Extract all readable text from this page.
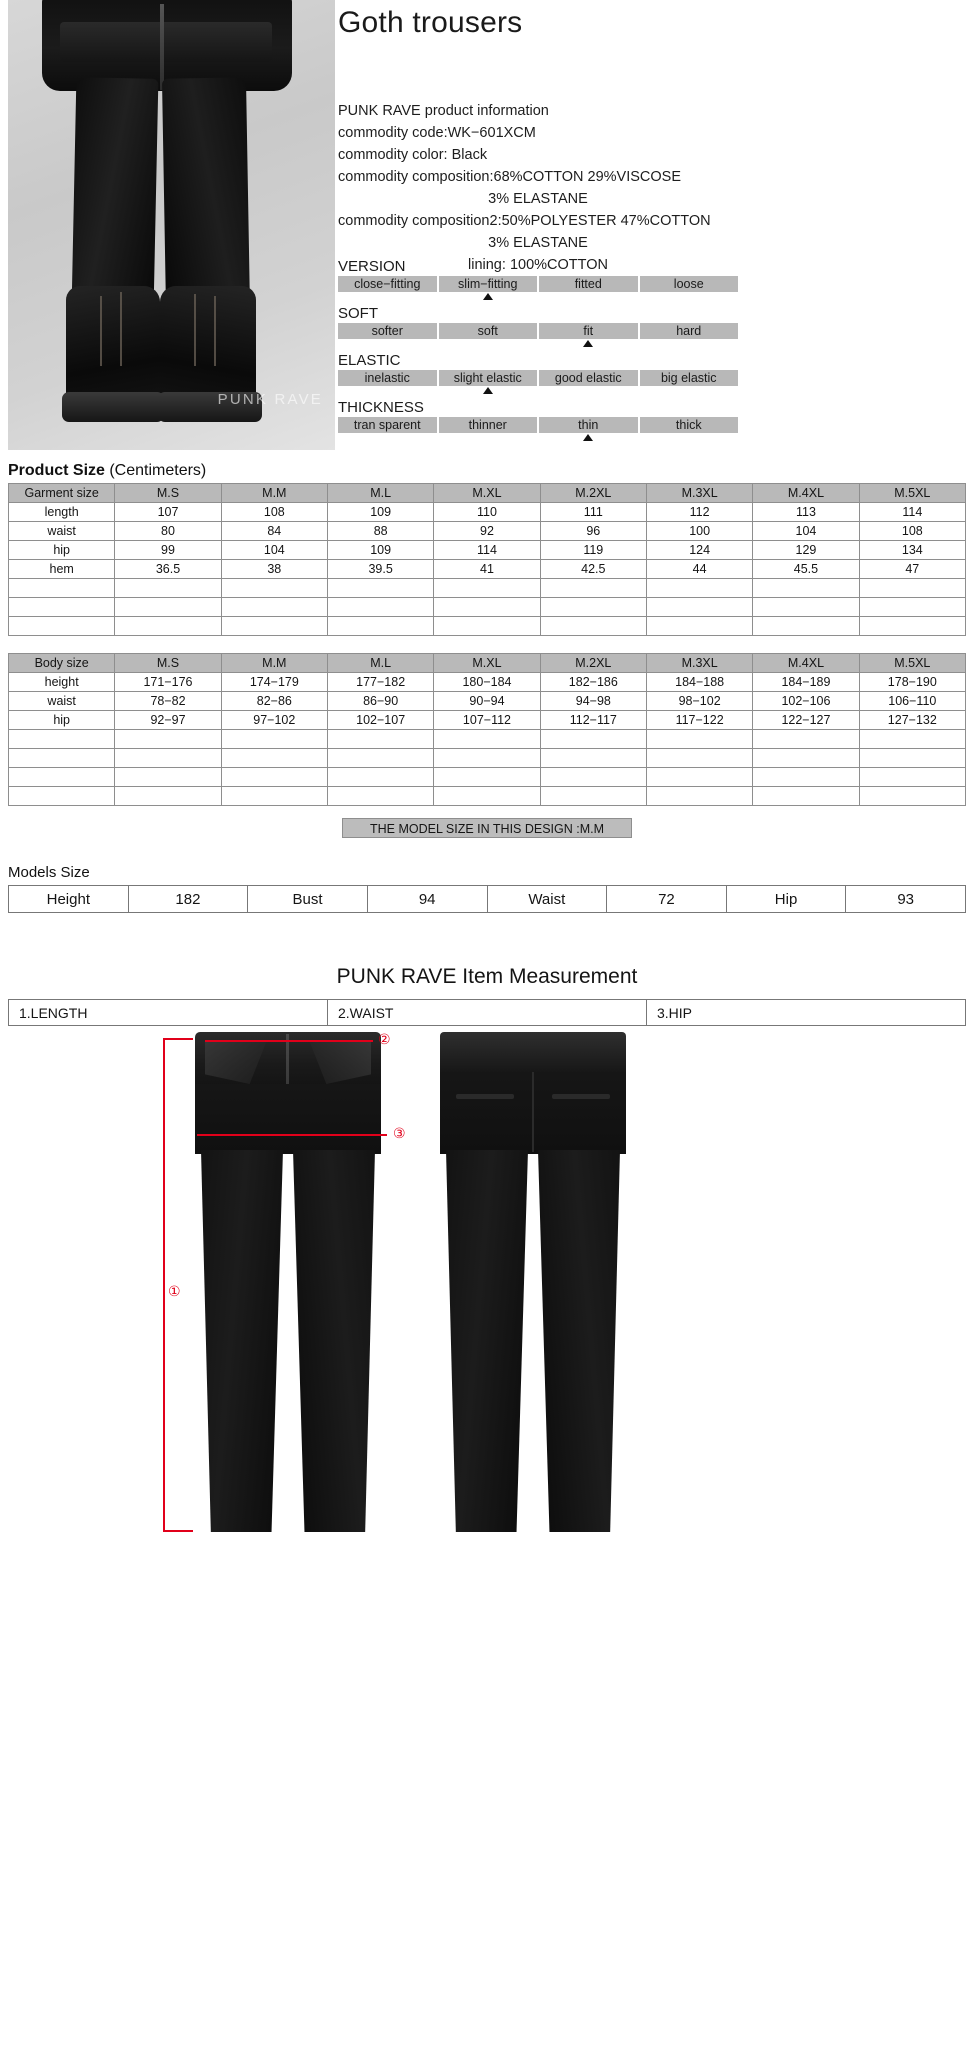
PUNK RAVE
Goth trousers
PUNK RAVE product information
commodity code:WK−601XCM
commodity color: Black
commodity composition:68%COTTON 29%VISCOSE
3% ELASTANE
commodity composition2:50%POLYESTER 47%COTTON
3% ELASTANE
lining: 100%COTTON
VERSION
close−fitting	slim−fitting	fitted	loose
SOFT
softer	soft	fit	hard
ELASTIC
inelastic	slight elastic	good elastic	big elastic
THICKNESS
tran sparent	thinner	thin	thick
Product Size (Centimeters)
Garment size	M.S	M.M	M.L	M.XL	M.2XL	M.3XL	M.4XL	M.5XL
length	107	108	109	110	111	112	113	114
waist	80	84	88	92	96	100	104	108
hip	99	104	109	114	119	124	129	134
hem	36.5	38	39.5	41	42.5	44	45.5	47

Body size	M.S	M.M	M.L	M.XL	M.2XL	M.3XL	M.4XL	M.5XL
height	171−176	174−179	177−182	180−184	182−186	184−188	184−189	178−190
waist	78−82	82−86	86−90	90−94	94−98	98−102	102−106	106−110
hip	92−97	97−102	102−107	107−112	112−117	117−122	122−127	127−132

THE MODEL SIZE IN THIS DESIGN :M.M
Models Size
Height	182	Bust	94	Waist	72	Hip	93
PUNK RAVE Item Measurement
1.LENGTH	2.WAIST	3.HIP
①
②
③
